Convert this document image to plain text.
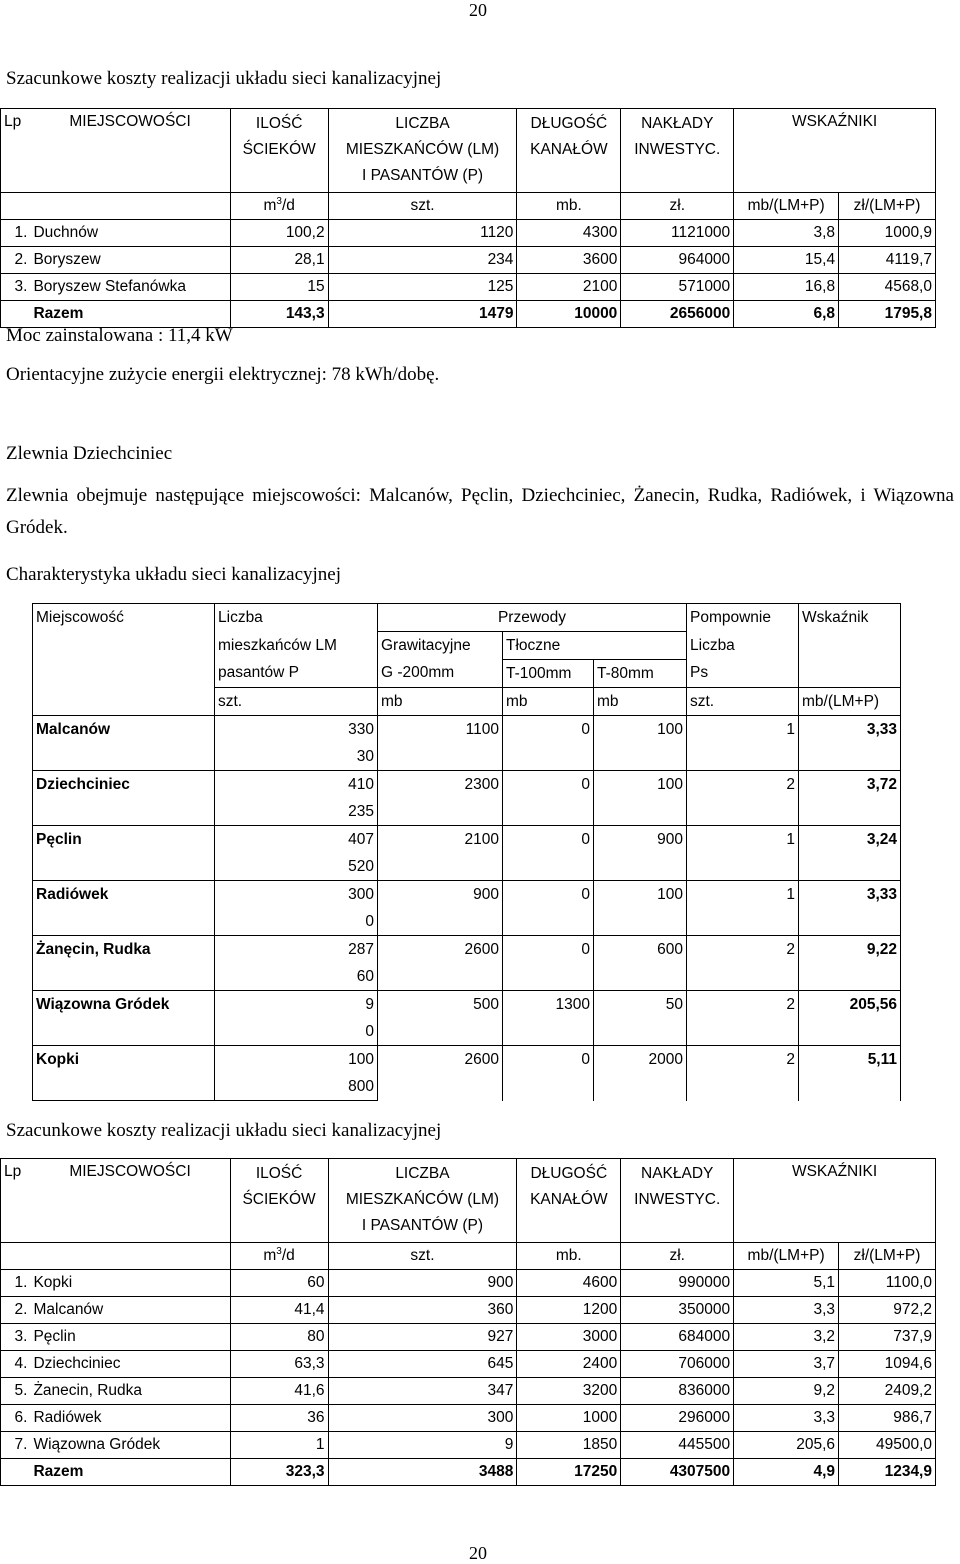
20
Szacunkowe koszty realizacji układu sieci kanalizacyjnej
Lp	MIEJSCOWOŚCI	ILOŚĆ
ŚCIEKÓW	LICZBA
MIESZKAŃCÓW (LM)
I PASANTÓW (P)	DŁUGOŚĆ
KANAŁÓW	NAKŁADY
INWESTYC.	WSKAŹNIKI	
		$m^3/d$	szt.	mb.	zł.	mb/(LM+P)	zł/(LM+P)
1.	Duchnów	100,2	1120	4300	1121000	3,8	1000,9
2.	Boryszew	28,1	234	3600	964000	15,4	4119,7
3.	Boryszew Stefanówka	15	125	2100	571000	16,8	4568,0
	Razem	143,3	1479	10000	2656000	6,8	1795,8
Moc zainstalowana : 11,4 kW
Orientacyjne zużycie energii elektrycznej: 78 kWh/dobę.
Zlewnia Dziechciniec
Zlewnia obejmuje następujące miejscowości: Malcanów, Pęclin, Dziechciniec, Żanecin, Rudka, Radiówek, i Wiązowna Gródek.
Charakterystyka układu sieci kanalizacyjnej
Miejscowość	Liczba	Przewody			Pompownie	Wskaźnik
	mieszkańców LM	Grawitacyjne	Tłoczne		Liczba	
	pasantów P	G -200mm	T-100mm	T-80mm	Ps	
	szt.	mb	mb	mb	szt.	mb/(LM+P)
Malcanów	330	1100	0	100	1	3,33
	30					
Dziechciniec	410	2300	0	100	2	3,72
	235					
Pęclin	407	2100	0	900	1	3,24
	520					
Radiówek	300	900	0	100	1	3,33
	0					
Żanęcin, Rudka	287	2600	0	600	2	9,22
	60					
Wiązowna Gródek	9	500	1300	50	2	205,56
	0					
Kopki	100	2600	0	2000	2	5,11
	800					
Szacunkowe koszty realizacji układu sieci kanalizacyjnej
Lp	MIEJSCOWOŚCI	ILOŚĆ
ŚCIEKÓW	LICZBA
MIESZKAŃCÓW (LM)
I PASANTÓW (P)	DŁUGOŚĆ
KANAŁÓW	NAKŁADY
INWESTYC.	WSKAŹNIKI	
		$m^3/d$	szt.	mb.	zł.	mb/(LM+P)	zł/(LM+P)
1.	Kopki	60	900	4600	990000	5,1	1100,0
2.	Malcanów	41,4	360	1200	350000	3,3	972,2
3.	Pęclin	80	927	3000	684000	3,2	737,9
4.	Dziechciniec	63,3	645	2400	706000	3,7	1094,6
5.	Żanecin, Rudka	41,6	347	3200	836000	9,2	2409,2
6.	Radiówek	36	300	1000	296000	3,3	986,7
7.	Wiązowna Gródek	1	9	1850	445500	205,6	49500,0
	Razem	323,3	3488	17250	4307500	4,9	1234,9
20
